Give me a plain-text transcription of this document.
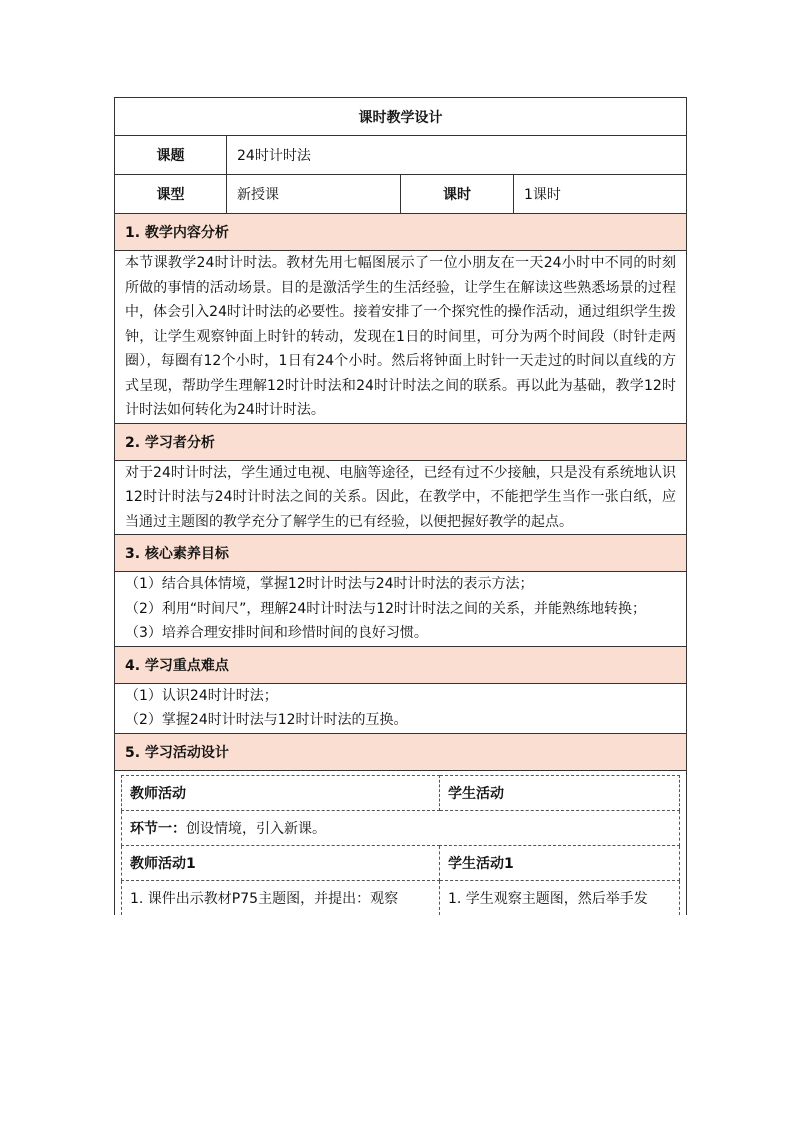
课时教学设计
课题	24时计时法
课型	新授课	课时	1课时
1. 教学内容分析

本节课教学24时计时法。教材先用七幅图展示了一位小朋友在一天24小时中不同的时刻所做的事情的活动场景。目的是激活学生的生活经验，让学生在解读这些熟悉场景的过程中，体会引入24时计时法的必要性。接着安排了一个探究性的操作活动，通过组织学生拨钟，让学生观察钟面上时针的转动，发现在1日的时间里，可分为两个时间段（时针走两圈），每圈有12个小时，1日有24个小时。然后将钟面上时针一天走过的时间以直线的方式呈现，帮助学生理解12时计时法和24时计时法之间的联系。再以此为基础，教学12时计时法如何转化为24时计时法。

2. 学习者分析

对于24时计时法，学生通过电视、电脑等途径，已经有过不少接触，只是没有系统地认识12时计时法与24时计时法之间的关系。因此，在教学中，不能把学生当作一张白纸，应当通过主题图的教学充分了解学生的已有经验，以便把握好教学的起点。

3. 核心素养目标

（1）结合具体情境，掌握12时计时法与24时计时法的表示方法；

（2）利用“时间尺”，理解24时计时法与12时计时法之间的关系，并能熟练地转换；

（3）培养合理安排时间和珍惜时间的良好习惯。

4. 学习重点难点

（1）认识24时计时法；

（2）掌握24时计时法与12时计时法的互换。

5. 学习活动设计

教师活动	学生活动
环节一：创设情境，引入新课。
教师活动1	学生活动1
1. 课件出示教材P75主题图，并提出：观察	1. 学生观察主题图，然后举手发
